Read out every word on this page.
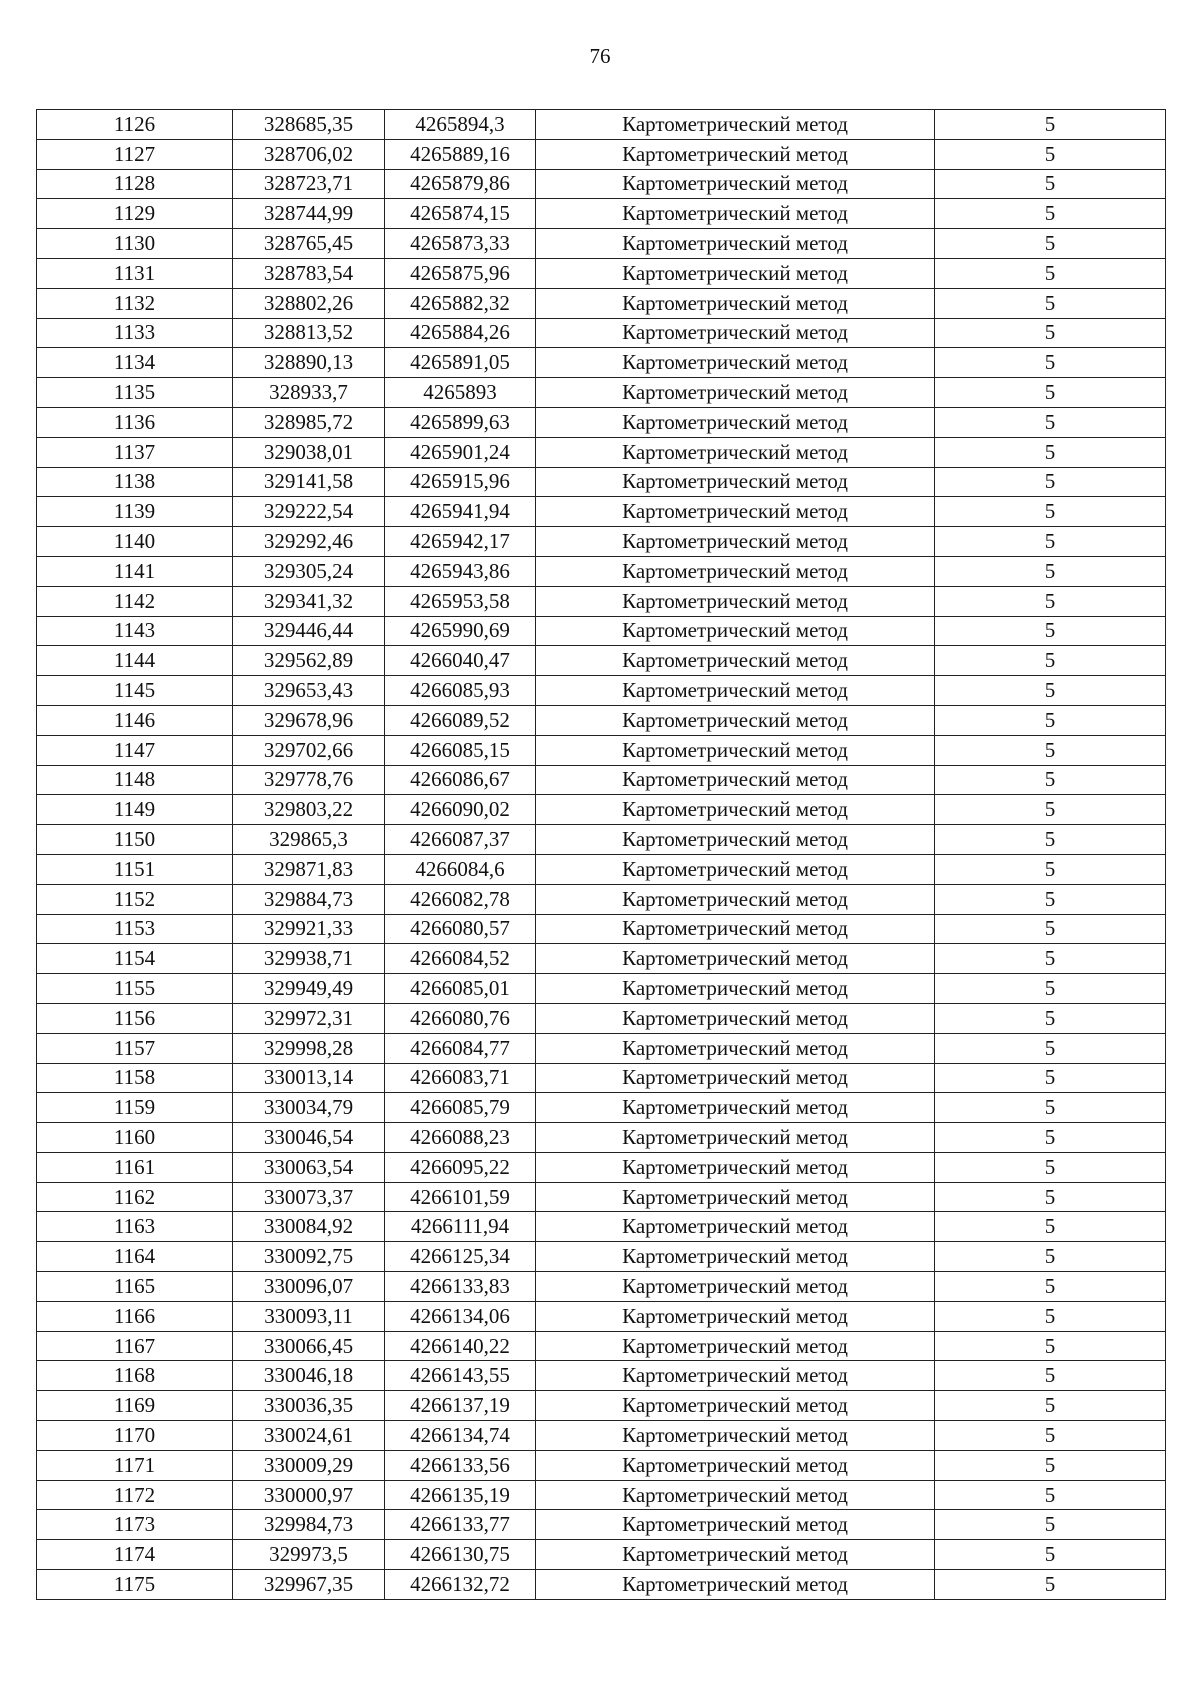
76
1126	328685,35	4265894,3	Картометрический метод	5
1127	328706,02	4265889,16	Картометрический метод	5
1128	328723,71	4265879,86	Картометрический метод	5
1129	328744,99	4265874,15	Картометрический метод	5
1130	328765,45	4265873,33	Картометрический метод	5
1131	328783,54	4265875,96	Картометрический метод	5
1132	328802,26	4265882,32	Картометрический метод	5
1133	328813,52	4265884,26	Картометрический метод	5
1134	328890,13	4265891,05	Картометрический метод	5
1135	328933,7	4265893	Картометрический метод	5
1136	328985,72	4265899,63	Картометрический метод	5
1137	329038,01	4265901,24	Картометрический метод	5
1138	329141,58	4265915,96	Картометрический метод	5
1139	329222,54	4265941,94	Картометрический метод	5
1140	329292,46	4265942,17	Картометрический метод	5
1141	329305,24	4265943,86	Картометрический метод	5
1142	329341,32	4265953,58	Картометрический метод	5
1143	329446,44	4265990,69	Картометрический метод	5
1144	329562,89	4266040,47	Картометрический метод	5
1145	329653,43	4266085,93	Картометрический метод	5
1146	329678,96	4266089,52	Картометрический метод	5
1147	329702,66	4266085,15	Картометрический метод	5
1148	329778,76	4266086,67	Картометрический метод	5
1149	329803,22	4266090,02	Картометрический метод	5
1150	329865,3	4266087,37	Картометрический метод	5
1151	329871,83	4266084,6	Картометрический метод	5
1152	329884,73	4266082,78	Картометрический метод	5
1153	329921,33	4266080,57	Картометрический метод	5
1154	329938,71	4266084,52	Картометрический метод	5
1155	329949,49	4266085,01	Картометрический метод	5
1156	329972,31	4266080,76	Картометрический метод	5
1157	329998,28	4266084,77	Картометрический метод	5
1158	330013,14	4266083,71	Картометрический метод	5
1159	330034,79	4266085,79	Картометрический метод	5
1160	330046,54	4266088,23	Картометрический метод	5
1161	330063,54	4266095,22	Картометрический метод	5
1162	330073,37	4266101,59	Картометрический метод	5
1163	330084,92	4266111,94	Картометрический метод	5
1164	330092,75	4266125,34	Картометрический метод	5
1165	330096,07	4266133,83	Картометрический метод	5
1166	330093,11	4266134,06	Картометрический метод	5
1167	330066,45	4266140,22	Картометрический метод	5
1168	330046,18	4266143,55	Картометрический метод	5
1169	330036,35	4266137,19	Картометрический метод	5
1170	330024,61	4266134,74	Картометрический метод	5
1171	330009,29	4266133,56	Картометрический метод	5
1172	330000,97	4266135,19	Картометрический метод	5
1173	329984,73	4266133,77	Картометрический метод	5
1174	329973,5	4266130,75	Картометрический метод	5
1175	329967,35	4266132,72	Картометрический метод	5
